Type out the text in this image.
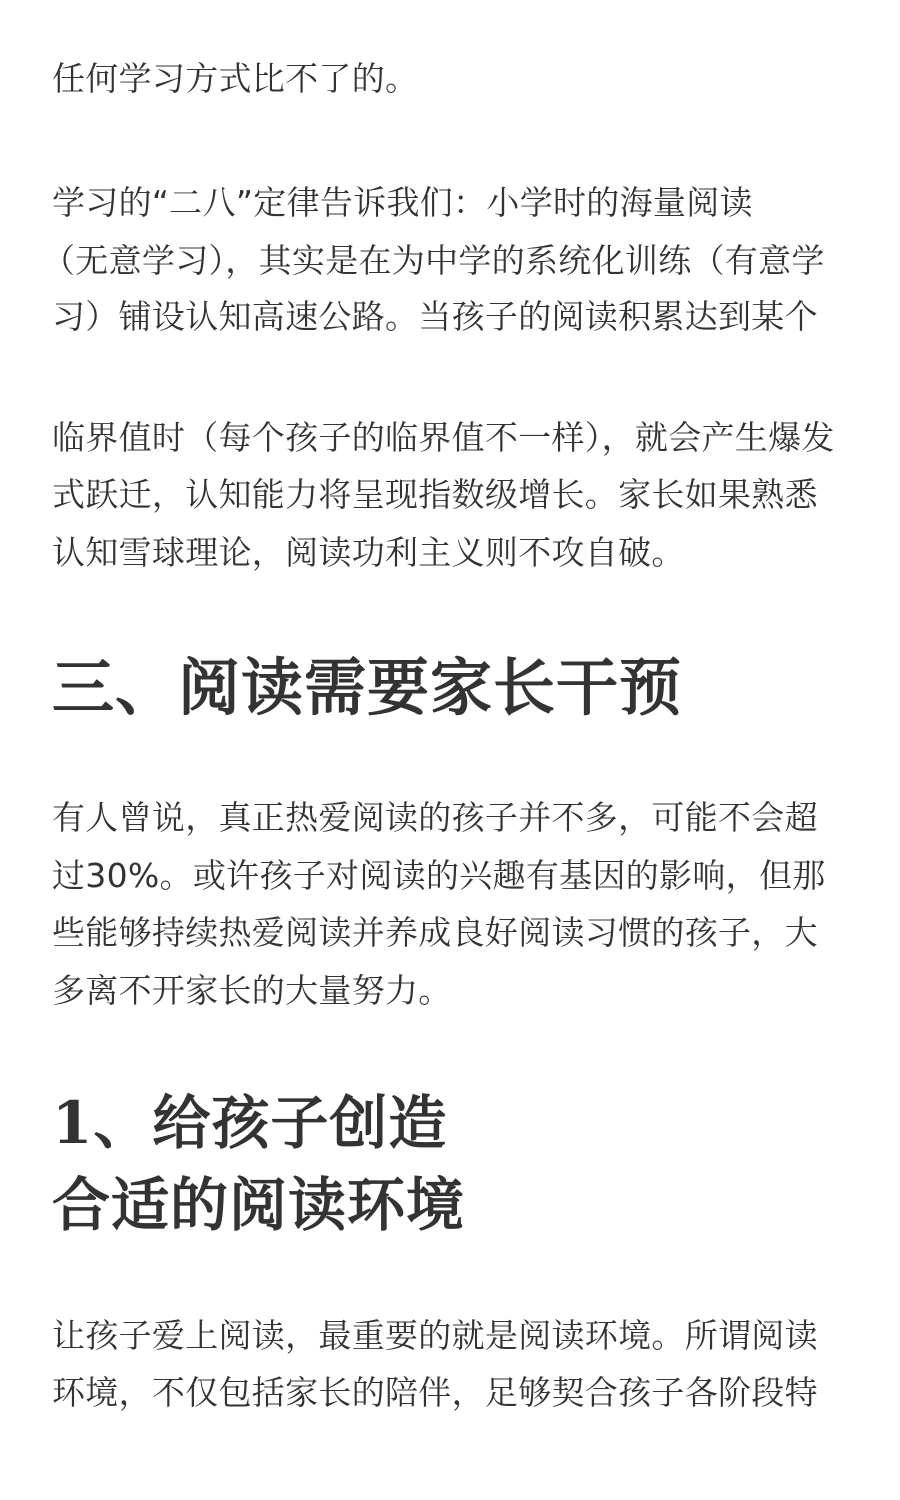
任何学习方式比不了的。
学习的“二八”定律告诉我们：小学时的海量阅读
（无意学习），其实是在为中学的系统化训练（有意学
习）铺设认知高速公路。当孩子的阅读积累达到某个
临界值时（每个孩子的临界值不一样），就会产生爆发
式跃迁，认知能力将呈现指数级增长。家长如果熟悉
认知雪球理论，阅读功利主义则不攻自破。
三、阅读需要家长干预
有人曾说，真正热爱阅读的孩子并不多，可能不会超
过30%。或许孩子对阅读的兴趣有基因的影响，但那
些能够持续热爱阅读并养成良好阅读习惯的孩子，大
多离不开家长的大量努力。
1、给孩子创造
合适的阅读环境
让孩子爱上阅读，最重要的就是阅读环境。所谓阅读
环境，不仅包括家长的陪伴，足够契合孩子各阶段特
